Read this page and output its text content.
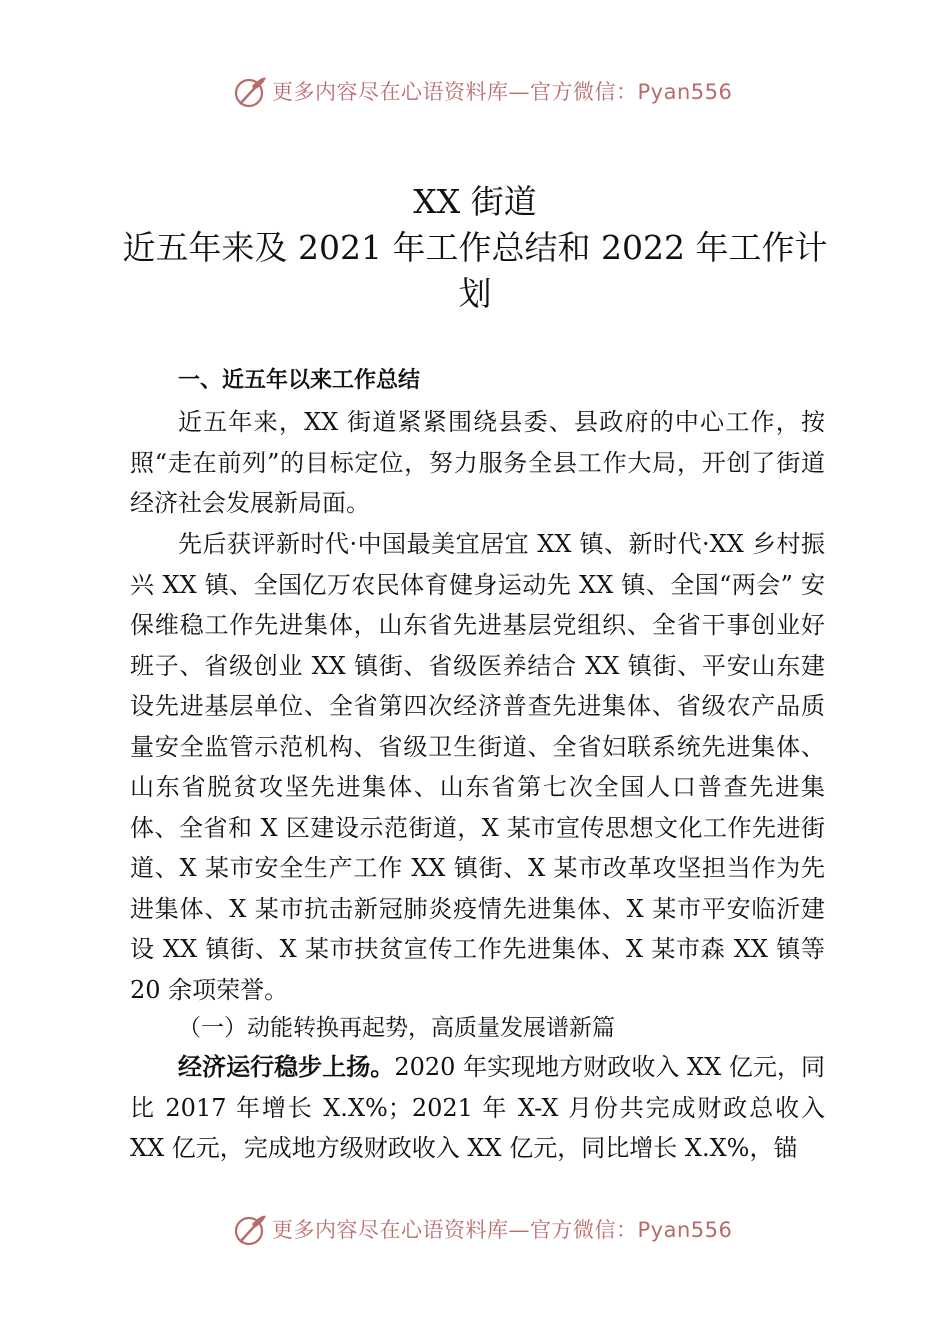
更多内容尽在心语资料库—官方微信：Pyan556
XX 街道
近五年来及 2021 年工作总结和 2022 年工作计
划
一、近五年以来工作总结

近五年来，XX 街道紧紧围绕县委、县政府的中心工作，按照“走在前列”的目标定位，努力服务全县工作大局，开创了街道经济社会发展新局面。

先后获评新时代·中国最美宜居宜 XX 镇、新时代·XX 乡村振兴 XX 镇、全国亿万农民体育健身运动先 XX 镇、全国“两会” 安保维稳工作先进集体，山东省先进基层党组织、全省干事创业好班子、省级创业 XX 镇街、省级医养结合 XX 镇街、平安山东建设先进基层单位、全省第四次经济普查先进集体、省级农产品质量安全监管示范机构、省级卫生街道、全省妇联系统先进集体、山东省脱贫攻坚先进集体、山东省第七次全国人口普查先进集体、全省和 X 区建设示范街道，X 某市宣传思想文化工作先进街道、X 某市安全生产工作 XX 镇街、X 某市改革攻坚担当作为先进集体、X 某市抗击新冠肺炎疫情先进集体、X 某市平安临沂建设 XX 镇街、X 某市扶贫宣传工作先进集体、X 某市森 XX 镇等 20 余项荣誉。

（一）动能转换再起势，高质量发展谱新篇

经济运行稳步上扬。2020 年实现地方财政收入 XX 亿元，同比 2017 年增长 X.X%；2021 年 X-X 月份共完成财政总收入 XX 亿元，完成地方级财政收入 XX 亿元，同比增长 X.X%，锚

更多内容尽在心语资料库—官方微信：Pyan556
